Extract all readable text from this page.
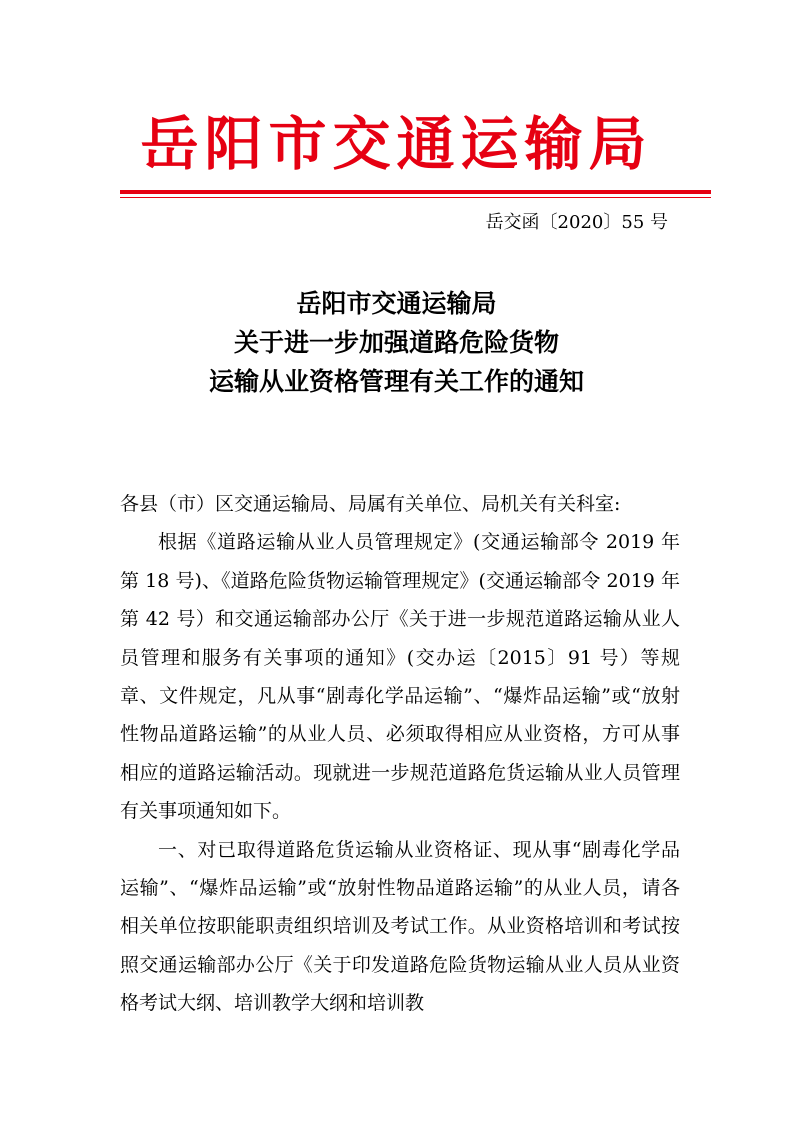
岳阳市交通运输局
岳交函〔2020〕55 号
岳阳市交通运输局
关于进一步加强道路危险货物
运输从业资格管理有关工作的通知

各县（市）区交通运输局、局属有关单位、局机关有关科室:

根据《道路运输从业人员管理规定》(交通运输部令 2019 年第 18 号)、《道路危险货物运输管理规定》(交通运输部令 2019 年第 42 号）和交通运输部办公厅《关于进一步规范道路运输从业人员管理和服务有关事项的通知》(交办运〔2015〕91 号）等规章、文件规定，凡从事“剧毒化学品运输”、“爆炸品运输”或“放射性物品道路运输”的从业人员、必须取得相应从业资格，方可从事相应的道路运输活动。现就进一步规范道路危货运输从业人员管理有关事项通知如下。

一、对已取得道路危货运输从业资格证、现从事“剧毒化学品运输”、“爆炸品运输”或“放射性物品道路运输”的从业人员，请各相关单位按职能职责组织培训及考试工作。从业资格培训和考试按照交通运输部办公厅《关于印发道路危险货物运输从业人员从业资格考试大纲、培训教学大纲和培训教
